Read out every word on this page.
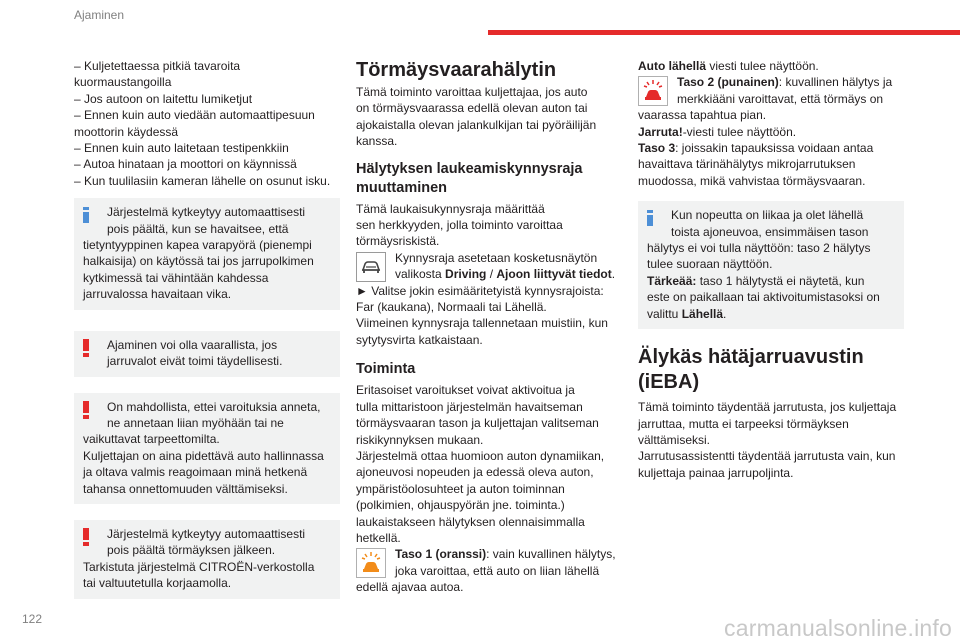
Ajaminen
– Kuljetettaessa pitkiä tavaroita
kuormaustangoilla
– Jos autoon on laitettu lumiketjut
– Ennen kuin auto viedään automaattipesuun
moottorin käydessä
– Ennen kuin auto laitetaan testipenkkiin
– Autoa hinataan ja moottori on käynnissä
– Kun tuulilasiin kameran lähelle on osunut isku.
Järjestelmä kytkeytyy automaattisesti
pois päältä, kun se havaitsee, että
tietyntyyppinen kapea varapyörä (pienempi
halkaisija) on käytössä tai jos jarrupolkimen
kytkimessä tai vähintään kahdessa
jarruvalossa havaitaan vika.
Ajaminen voi olla vaarallista, jos
jarruvalot eivät toimi täydellisesti.
On mahdollista, ettei varoituksia anneta,
ne annetaan liian myöhään tai ne
vaikuttavat tarpeettomilta.
Kuljettajan on aina pidettävä auto hallinnassa
ja oltava valmis reagoimaan minä hetkenä
tahansa onnettomuuden välttämiseksi.
Järjestelmä kytkeytyy automaattisesti
pois päältä törmäyksen jälkeen.
Tarkistuta järjestelmä CITROËN-verkostolla
tai valtuutetulla korjaamolla.
Törmäysvaarahälytin
Tämä toiminto varoittaa kuljettajaa, jos auto
on törmäysvaarassa edellä olevan auton tai
ajokaistalla olevan jalankulkijan tai pyöräilijän
kanssa.
Hälytyksen laukeamiskynnysraja muuttaminen
Tämä laukaisukynnysraja määrittää
sen herkkyyden, jolla toiminto varoittaa
törmäysriskistä.
Kynnysraja asetetaan kosketusnäytön
valikosta Driving / Ajoon liittyvät tiedot.
► Valitse jokin esimääritetyistä kynnysrajoista:
Far (kaukana), Normaali tai Lähellä.
Viimeinen kynnysraja tallennetaan muistiin, kun
sytytysvirta katkaistaan.
Toiminta
Eritasoiset varoitukset voivat aktivoitua ja
tulla mittaristoon järjestelmän havaitseman
törmäysvaaran tason ja kuljettajan valitseman
riskikynnyksen mukaan.
Järjestelmä ottaa huomioon auton dynamiikan,
ajoneuvosi nopeuden ja edessä oleva auton,
ympäristöolosuhteet ja auton toiminnan
(polkimien, ohjauspyörän jne. toiminta.)
laukaistakseen hälytyksen olennaisimmalla
hetkellä.
Taso 1 (oranssi): vain kuvallinen hälytys,
joka varoittaa, että auto on liian lähellä
edellä ajavaa autoa.
Auto lähellä viesti tulee näyttöön.
Taso 2 (punainen): kuvallinen hälytys ja
merkkiääni varoittavat, että törmäys on
vaarassa tapahtua pian.
Jarruta!-viesti tulee näyttöön.
Taso 3: joissakin tapauksissa voidaan antaa
havaittava tärinähälytys mikrojarrutuksen
muodossa, mikä vahvistaa törmäysvaaran.
Kun nopeutta on liikaa ja olet lähellä
toista ajoneuvoa, ensimmäisen tason
hälytys ei voi tulla näyttöön: taso 2 hälytys
tulee suoraan näyttöön.
Tärkeää: taso 1 hälytystä ei näytetä, kun
este on paikallaan tai aktivoitumistasoksi on
valittu Lähellä.
Älykäs hätäjarruavustin
(iEBA)
Tämä toiminto täydentää jarrutusta, jos kuljettaja
jarruttaa, mutta ei tarpeeksi törmäyksen
välttämiseksi.
Jarrutusassistentti täydentää jarrutusta vain, kun
kuljettaja painaa jarrupoljinta.
122	carmanualsonline.info
